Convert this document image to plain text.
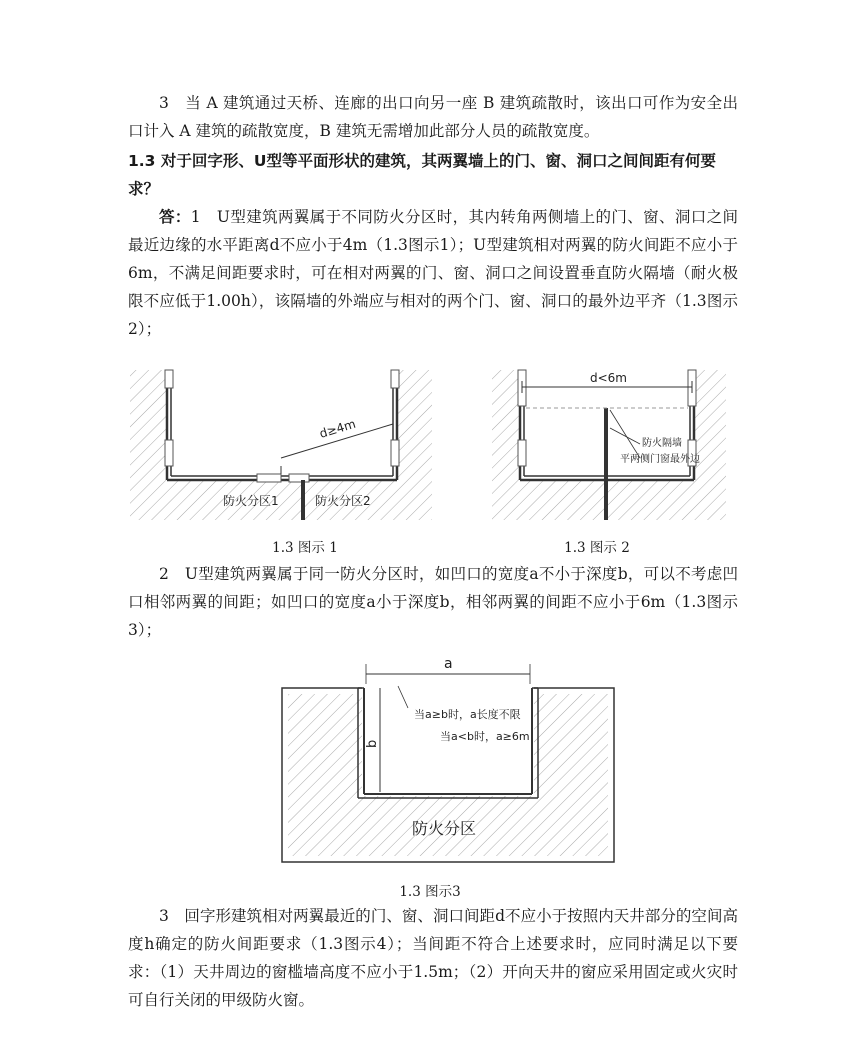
3　当 A 建筑通过天桥、连廊的出口向另一座 B 建筑疏散时，该出口可作为安全出口计入 A 建筑的疏散宽度，B 建筑无需增加此部分人员的疏散宽度。

1.3 对于回字形、U型等平面形状的建筑，其两翼墙上的门、窗、洞口之间间距有何要求？

答：1　U型建筑两翼属于不同防火分区时，其内转角两侧墙上的门、窗、洞口之间最近边缘的水平距离d不应小于4m（1.3图示1）；U型建筑相对两翼的防火间距不应小于6m，不满足间距要求时，可在相对两翼的门、窗、洞口之间设置垂直防火隔墙（耐火极限不应低于1.00h），该隔墙的外端应与相对的两个门、窗、洞口的最外边平齐（1.3图示2）；

d≥4m
防火分区1	防火分区2
1.3 图示 1
d<6m
防火隔墙
平两侧门窗最外边
1.3 图示 2

2　U型建筑两翼属于同一防火分区时，如凹口的宽度a不小于深度b，可以不考虑凹口相邻两翼的间距；如凹口的宽度a小于深度b，相邻两翼的间距不应小于6m（1.3图示3）；

a
b
当a≥b时，a长度不限
当a<b时，a≥6m
防火分区
1.3 图示3

3　回字形建筑相对两翼最近的门、窗、洞口间距d不应小于按照内天井部分的空间高度h确定的防火间距要求（1.3图示4）；当间距不符合上述要求时，应同时满足以下要求：（1）天井周边的窗槛墙高度不应小于1.5m；（2）开向天井的窗应采用固定或火灾时可自行关闭的甲级防火窗。
